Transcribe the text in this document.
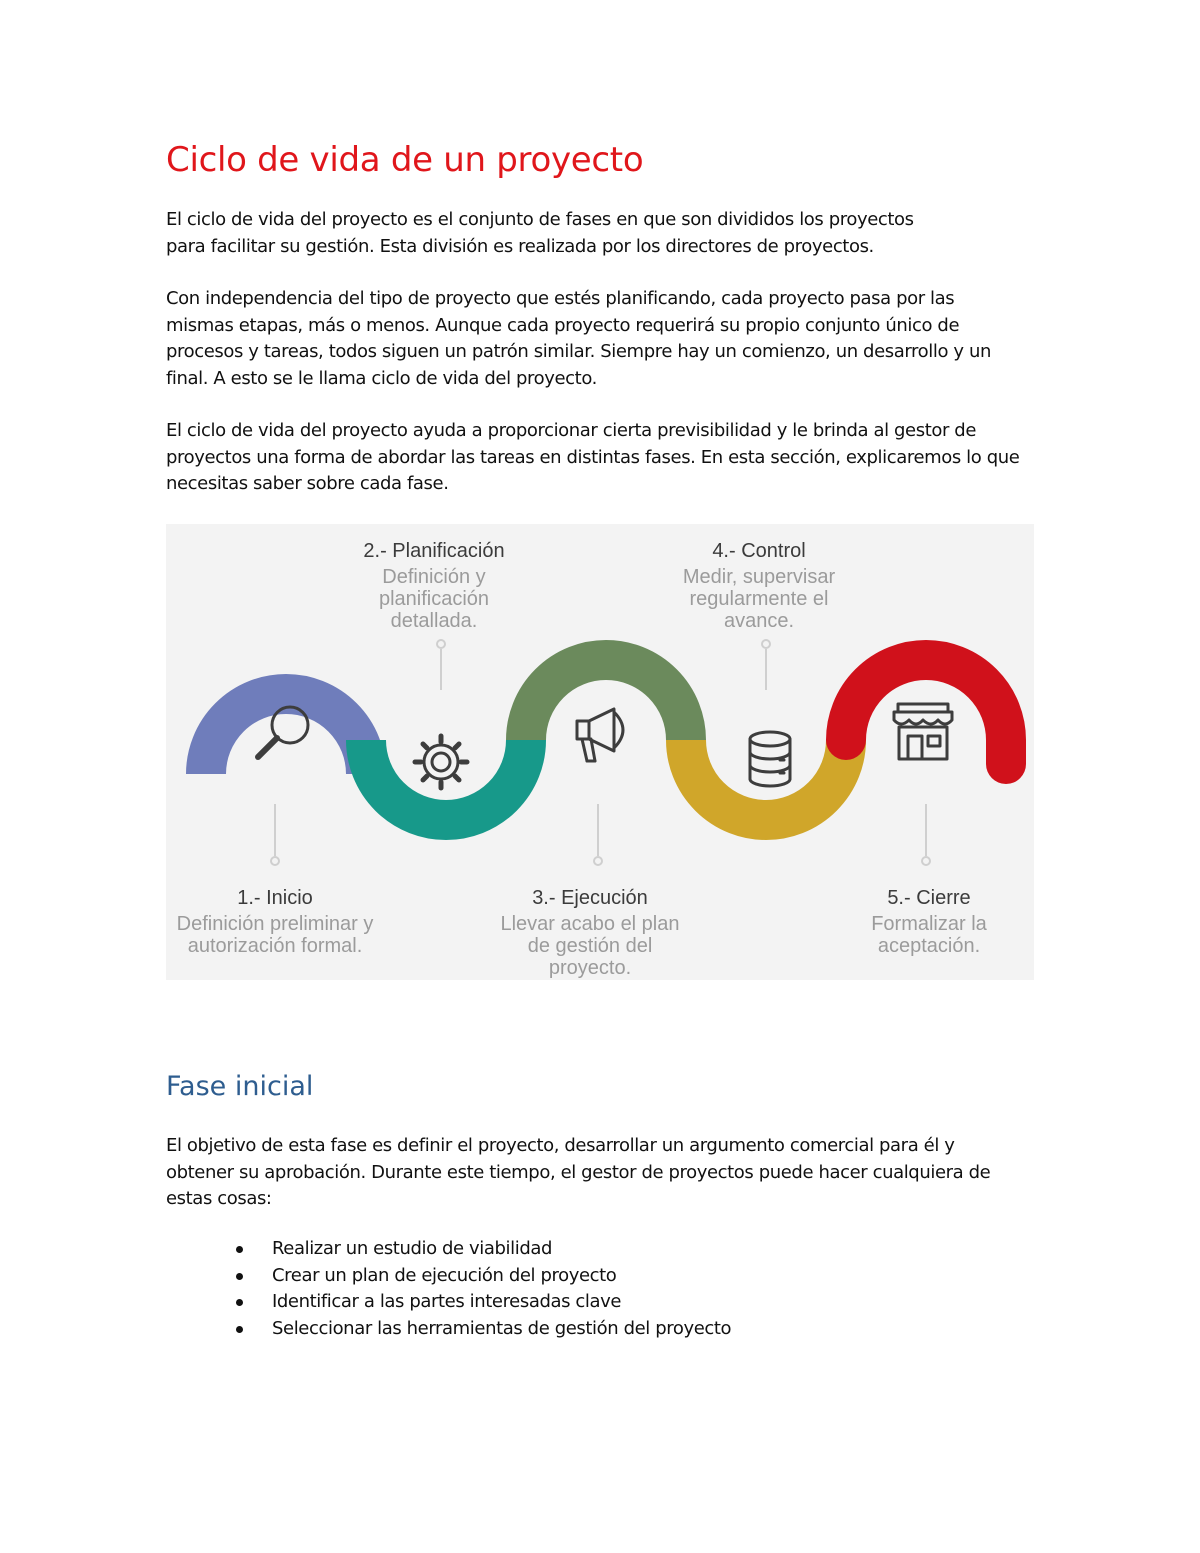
Ciclo de vida de un proyecto

El ciclo de vida del proyecto es el conjunto de fases en que son divididos los proyectos
para facilitar su gestión. Esta división es realizada por los directores de proyectos.

Con independencia del tipo de proyecto que estés planificando, cada proyecto pasa por las
mismas etapas, más o menos. Aunque cada proyecto requerirá su propio conjunto único de
procesos y tareas, todos siguen un patrón similar. Siempre hay un comienzo, un desarrollo y un
final. A esto se le llama ciclo de vida del proyecto.

El ciclo de vida del proyecto ayuda a proporcionar cierta previsibilidad y le brinda al gestor de
proyectos una forma de abordar las tareas en distintas fases. En esta sección, explicaremos lo que
necesitas saber sobre cada fase.

1.- Inicio
Definición preliminar y
autorización formal.
2.- Planificación
Definición y
planificación
detallada.
3.- Ejecución
Llevar acabo el plan
de gestión del
proyecto.
4.- Control
Medir, supervisar
regularmente el
avance.
5.- Cierre
Formalizar la
aceptación.
Fase inicial

El objetivo de esta fase es definir el proyecto, desarrollar un argumento comercial para él y
obtener su aprobación. Durante este tiempo, el gestor de proyectos puede hacer cualquiera de
estas cosas:

Realizar un estudio de viabilidad
Crear un plan de ejecución del proyecto
Identificar a las partes interesadas clave
Seleccionar las herramientas de gestión del proyecto
